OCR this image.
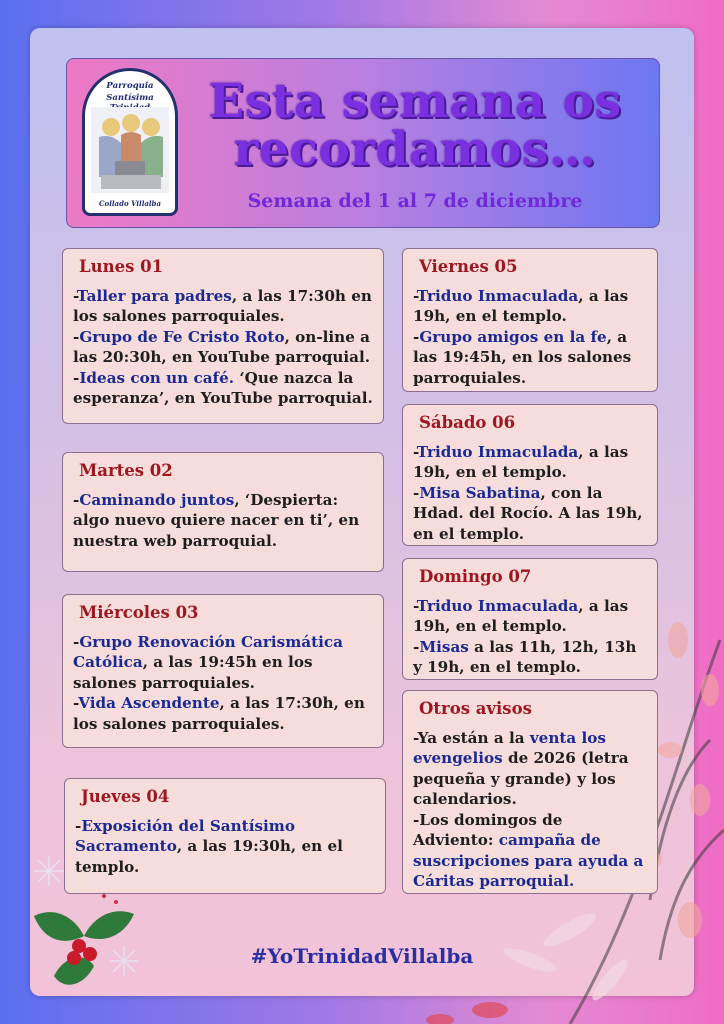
Parroquia
Santísima
Collado Villalba
Esta semana os
recordamos…
Semana del 1 al 7 de diciembre
Lunes 01

-Taller para padres, a las 17:30h en los salones parroquiales.

-Grupo de Fe Cristo Roto, on-line a las 20:30h, en YouTube parroquial.

-Ideas con un café. ‘Que nazca la esperanza’, en YouTube parroquial.

Martes 02

-Caminando juntos, ‘Despierta: algo nuevo quiere nacer en ti’, en nuestra web parroquial.

Miércoles 03

-Grupo Renovación Carismática Católica, a las 19:45h en los salones parroquiales.

-Vida Ascendente, a las 17:30h, en los salones parroquiales.

Jueves 04

-Exposición del Santísimo Sacramento, a las 19:30h, en el templo.

Viernes 05

-Triduo Inmaculada, a las 19h, en el templo.

-Grupo amigos en la fe, a las 19:45h, en los salones parroquiales.

Sábado 06

-Triduo Inmaculada, a las 19h, en el templo.

-Misa Sabatina, con la Hdad. del Rocío. A las 19h, en el templo.

Domingo 07

-Triduo Inmaculada, a las 19h, en el templo.

-Misas a las 11h, 12h, 13h y 19h, en el templo.

Otros avisos

-Ya están a la venta los evengelios de 2026 (letra pequeña y grande) y los calendarios.

-Los domingos de Adviento: campaña de suscripciones para ayuda a Cáritas parroquial.

#YoTrinidadVillalba
